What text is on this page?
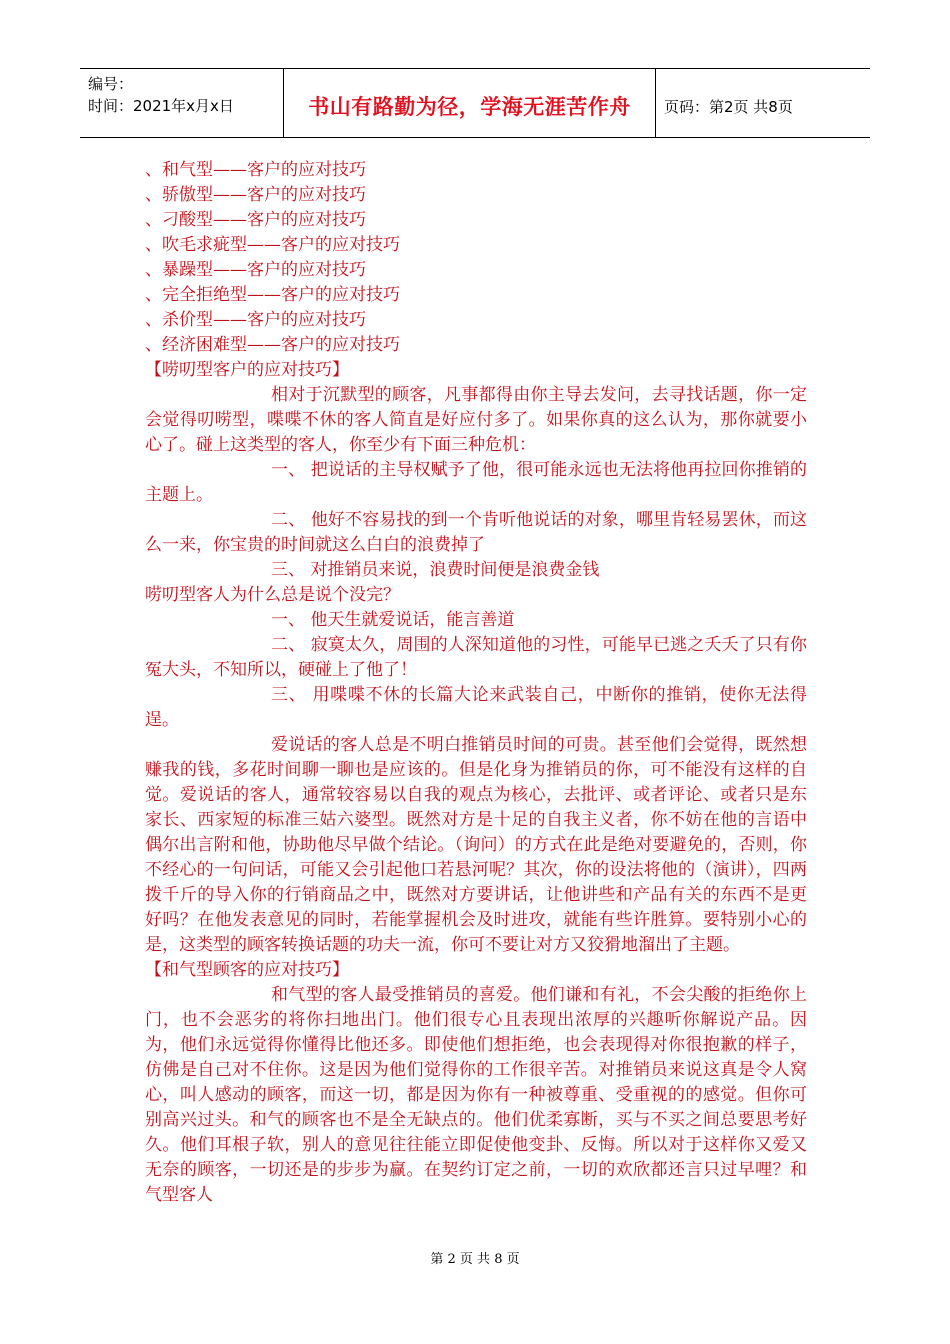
编号：
时间：2021年x月x日	书山有路勤为径，学海无涯苦作舟 页码：第2页 共8页
、和气型——客户的应对技巧
、骄傲型——客户的应对技巧
、刁酸型——客户的应对技巧
、吹毛求疵型——客户的应对技巧
、暴躁型——客户的应对技巧
、完全拒绝型——客户的应对技巧
、杀价型——客户的应对技巧
、经济困难型——客户的应对技巧
【唠叨型客户的应对技巧】
相对于沉默型的顾客，凡事都得由你主导去发问，去寻找话题，你一定会觉得叨唠型，喋喋不休的客人简直是好应付多了。如果你真的这么认为，那你就要小心了。碰上这类型的客人，你至少有下面三种危机：
一、 把说话的主导权赋予了他，很可能永远也无法将他再拉回你推销的主题上。
二、 他好不容易找的到一个肯听他说话的对象，哪里肯轻易罢休，而这么一来，你宝贵的时间就这么白白的浪费掉了
三、 对推销员来说，浪费时间便是浪费金钱
唠叨型客人为什么总是说个没完？
一、 他天生就爱说话，能言善道
二、 寂寞太久，周围的人深知道他的习性，可能早已逃之夭夭了只有你冤大头，不知所以，硬碰上了他了！
三、 用喋喋不休的长篇大论来武装自己，中断你的推销，使你无法得逞。
爱说话的客人总是不明白推销员时间的可贵。甚至他们会觉得，既然想赚我的钱，多花时间聊一聊也是应该的。但是化身为推销员的你，可不能没有这样的自觉。爱说话的客人，通常较容易以自我的观点为核心，去批评、或者评论、或者只是东家长、西家短的标准三姑六婆型。既然对方是十足的自我主义者，你不妨在他的言语中偶尔出言附和他，协助他尽早做个结论。（询问）的方式在此是绝对要避免的，否则，你不经心的一句问话，可能又会引起他口若悬河呢？其次，你的设法将他的（演讲），四两拨千斤的导入你的行销商品之中，既然对方要讲话，让他讲些和产品有关的东西不是更好吗？在他发表意见的同时，若能掌握机会及时进攻，就能有些许胜算。要特别小心的是，这类型的顾客转换话题的功夫一流，你可不要让对方又狡猾地溜出了主题。
【和气型顾客的应对技巧】
和气型的客人最受推销员的喜爱。他们谦和有礼，不会尖酸的拒绝你上门，也不会恶劣的将你扫地出门。他们很专心且表现出浓厚的兴趣听你解说产品。因为，他们永远觉得你懂得比他还多。即使他们想拒绝，也会表现得对你很抱歉的样子，仿佛是自己对不住你。这是因为他们觉得你的工作很辛苦。对推销员来说这真是令人窝心，叫人感动的顾客，而这一切，都是因为你有一种被尊重、受重视的的感觉。但你可别高兴过头。和气的顾客也不是全无缺点的。他们优柔寡断，买与不买之间总要思考好久。他们耳根子软，别人的意见往往能立即促使他变卦、反悔。所以对于这样你又爱又无奈的顾客，一切还是的步步为赢。在契约订定之前，一切的欢欣都还言只过早哩？和气型客人
第 2 页 共 8 页
